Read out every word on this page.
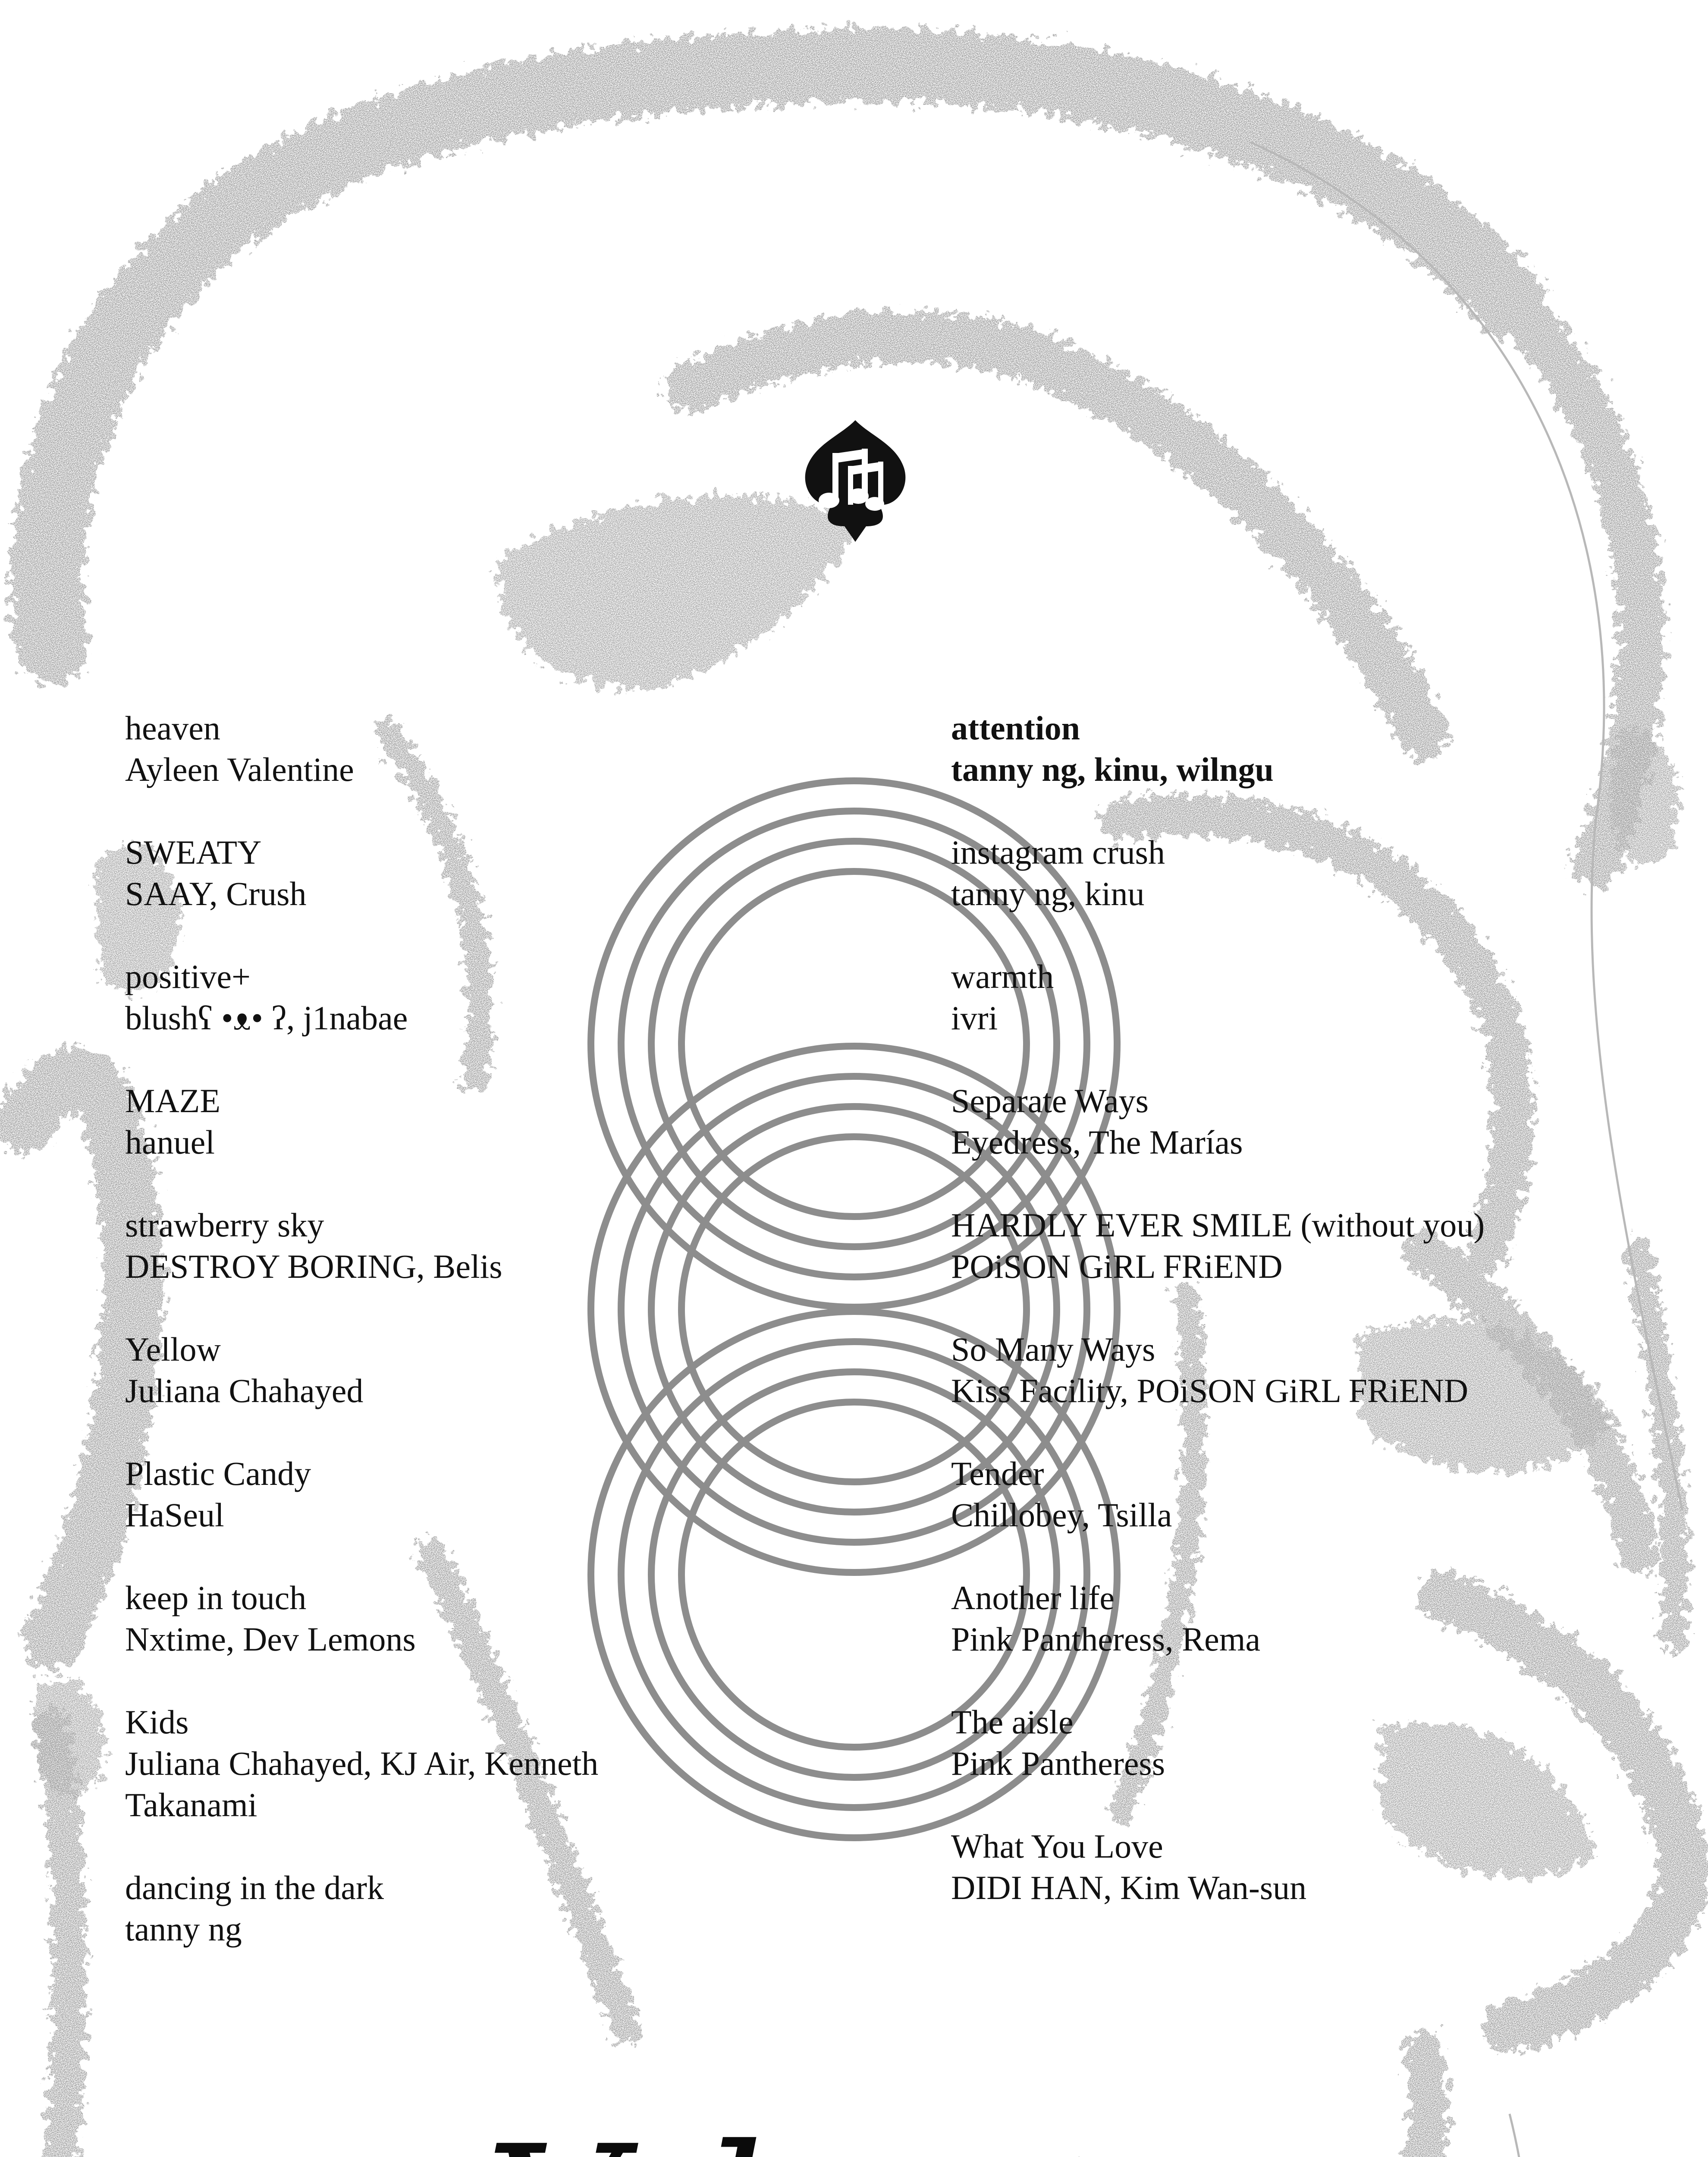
heaven
Ayleen Valentine
SWEATY
SAAY, Crush
positive+
blushʕ •ᴥ• ʔ, j1nabae
MAZE
hanuel
strawberry sky
DESTROY BORING, Belis
Yellow
Juliana Chahayed
Plastic Candy
HaSeul
keep in touch
Nxtime, Dev Lemons
Kids
Juliana Chahayed, KJ Air, Kenneth Takanami
dancing in the dark
tanny ng
attention
tanny ng, kinu, wilngu
instagram crush
tanny ng, kinu
warmth
ivri
Separate Ways
Eyedress, The Marías
HARDLY EVER SMILE (without you)
POiSON GiRL FRiEND
So Many Ways
Kiss Facility, POiSON GiRL FRiEND
Tender
Chillobey, Tsilla
Another life
Pink Pantheress, Rema
The aisle
Pink Pantheress
What You Love
DIDI HAN, Kim Wan-sun
